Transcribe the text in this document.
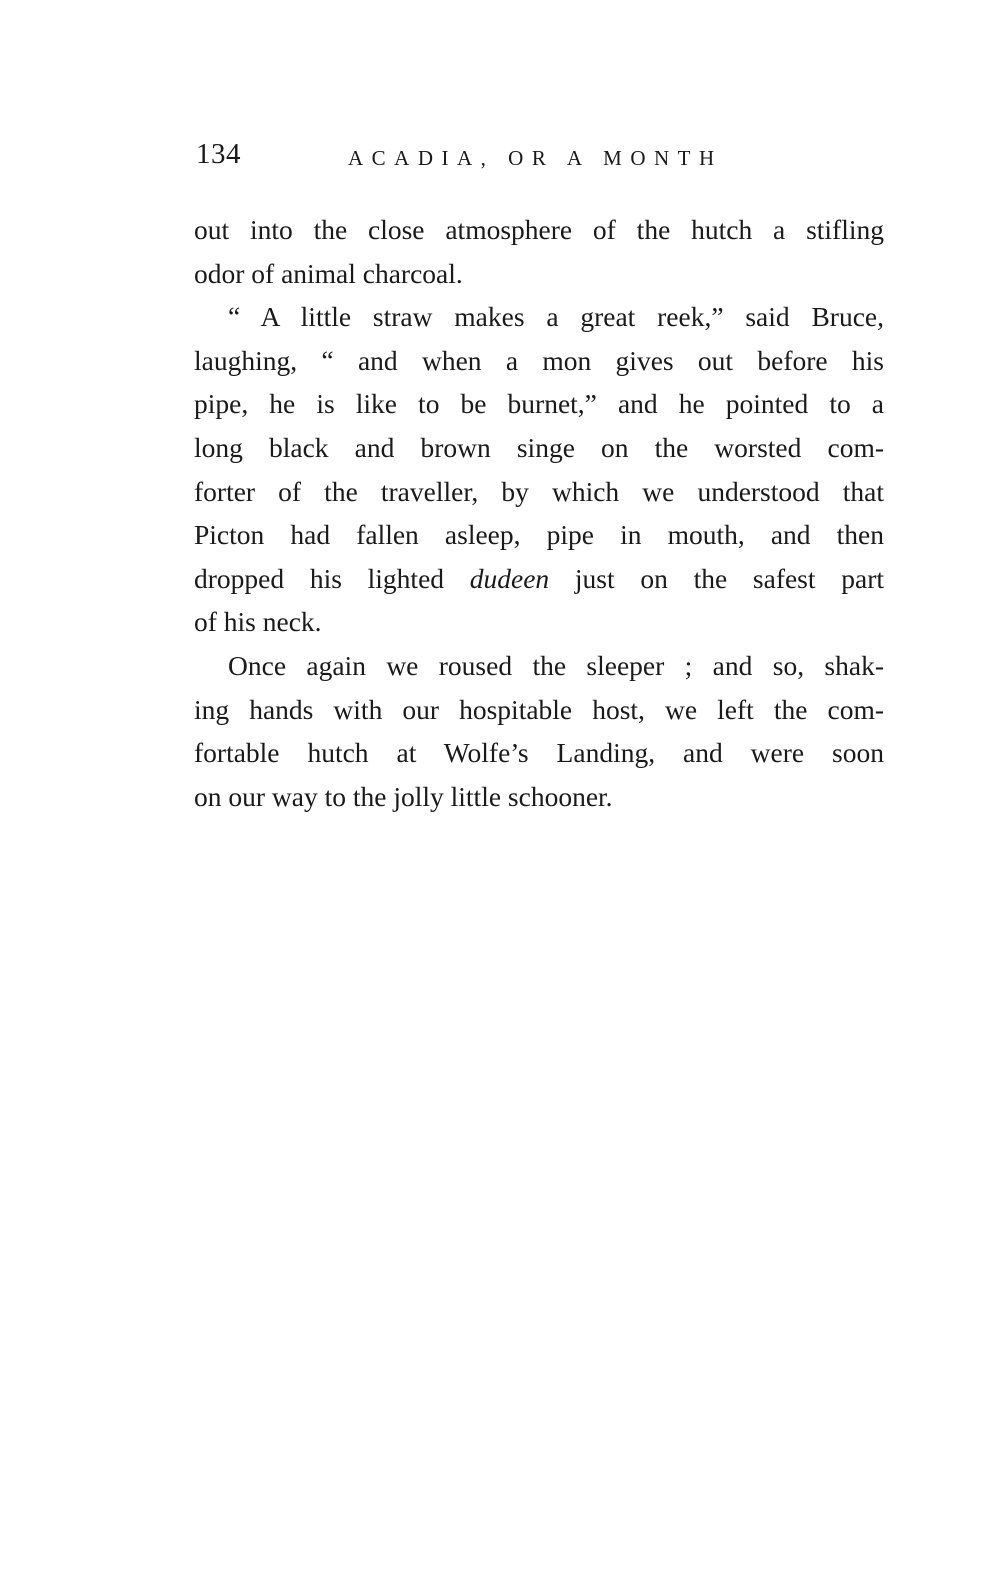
134	ACADIA, OR A MONTH

out into the close atmosphere of the hutch a stifling
odor of animal charcoal.

“ A little straw makes a great reek,” said Bruce,
laughing, “ and when a mon gives out before his
pipe, he is like to be burnet,” and he pointed to a
long black and brown singe on the worsted com-
forter of the traveller, by which we understood that
Picton had fallen asleep, pipe in mouth, and then
dropped his lighted dudeen just on the safest part
of his neck.

Once again we roused the sleeper ; and so, shak-
ing hands with our hospitable host, we left the com-
fortable hutch at Wolfe’s Landing, and were soon
on our way to the jolly little schooner.
